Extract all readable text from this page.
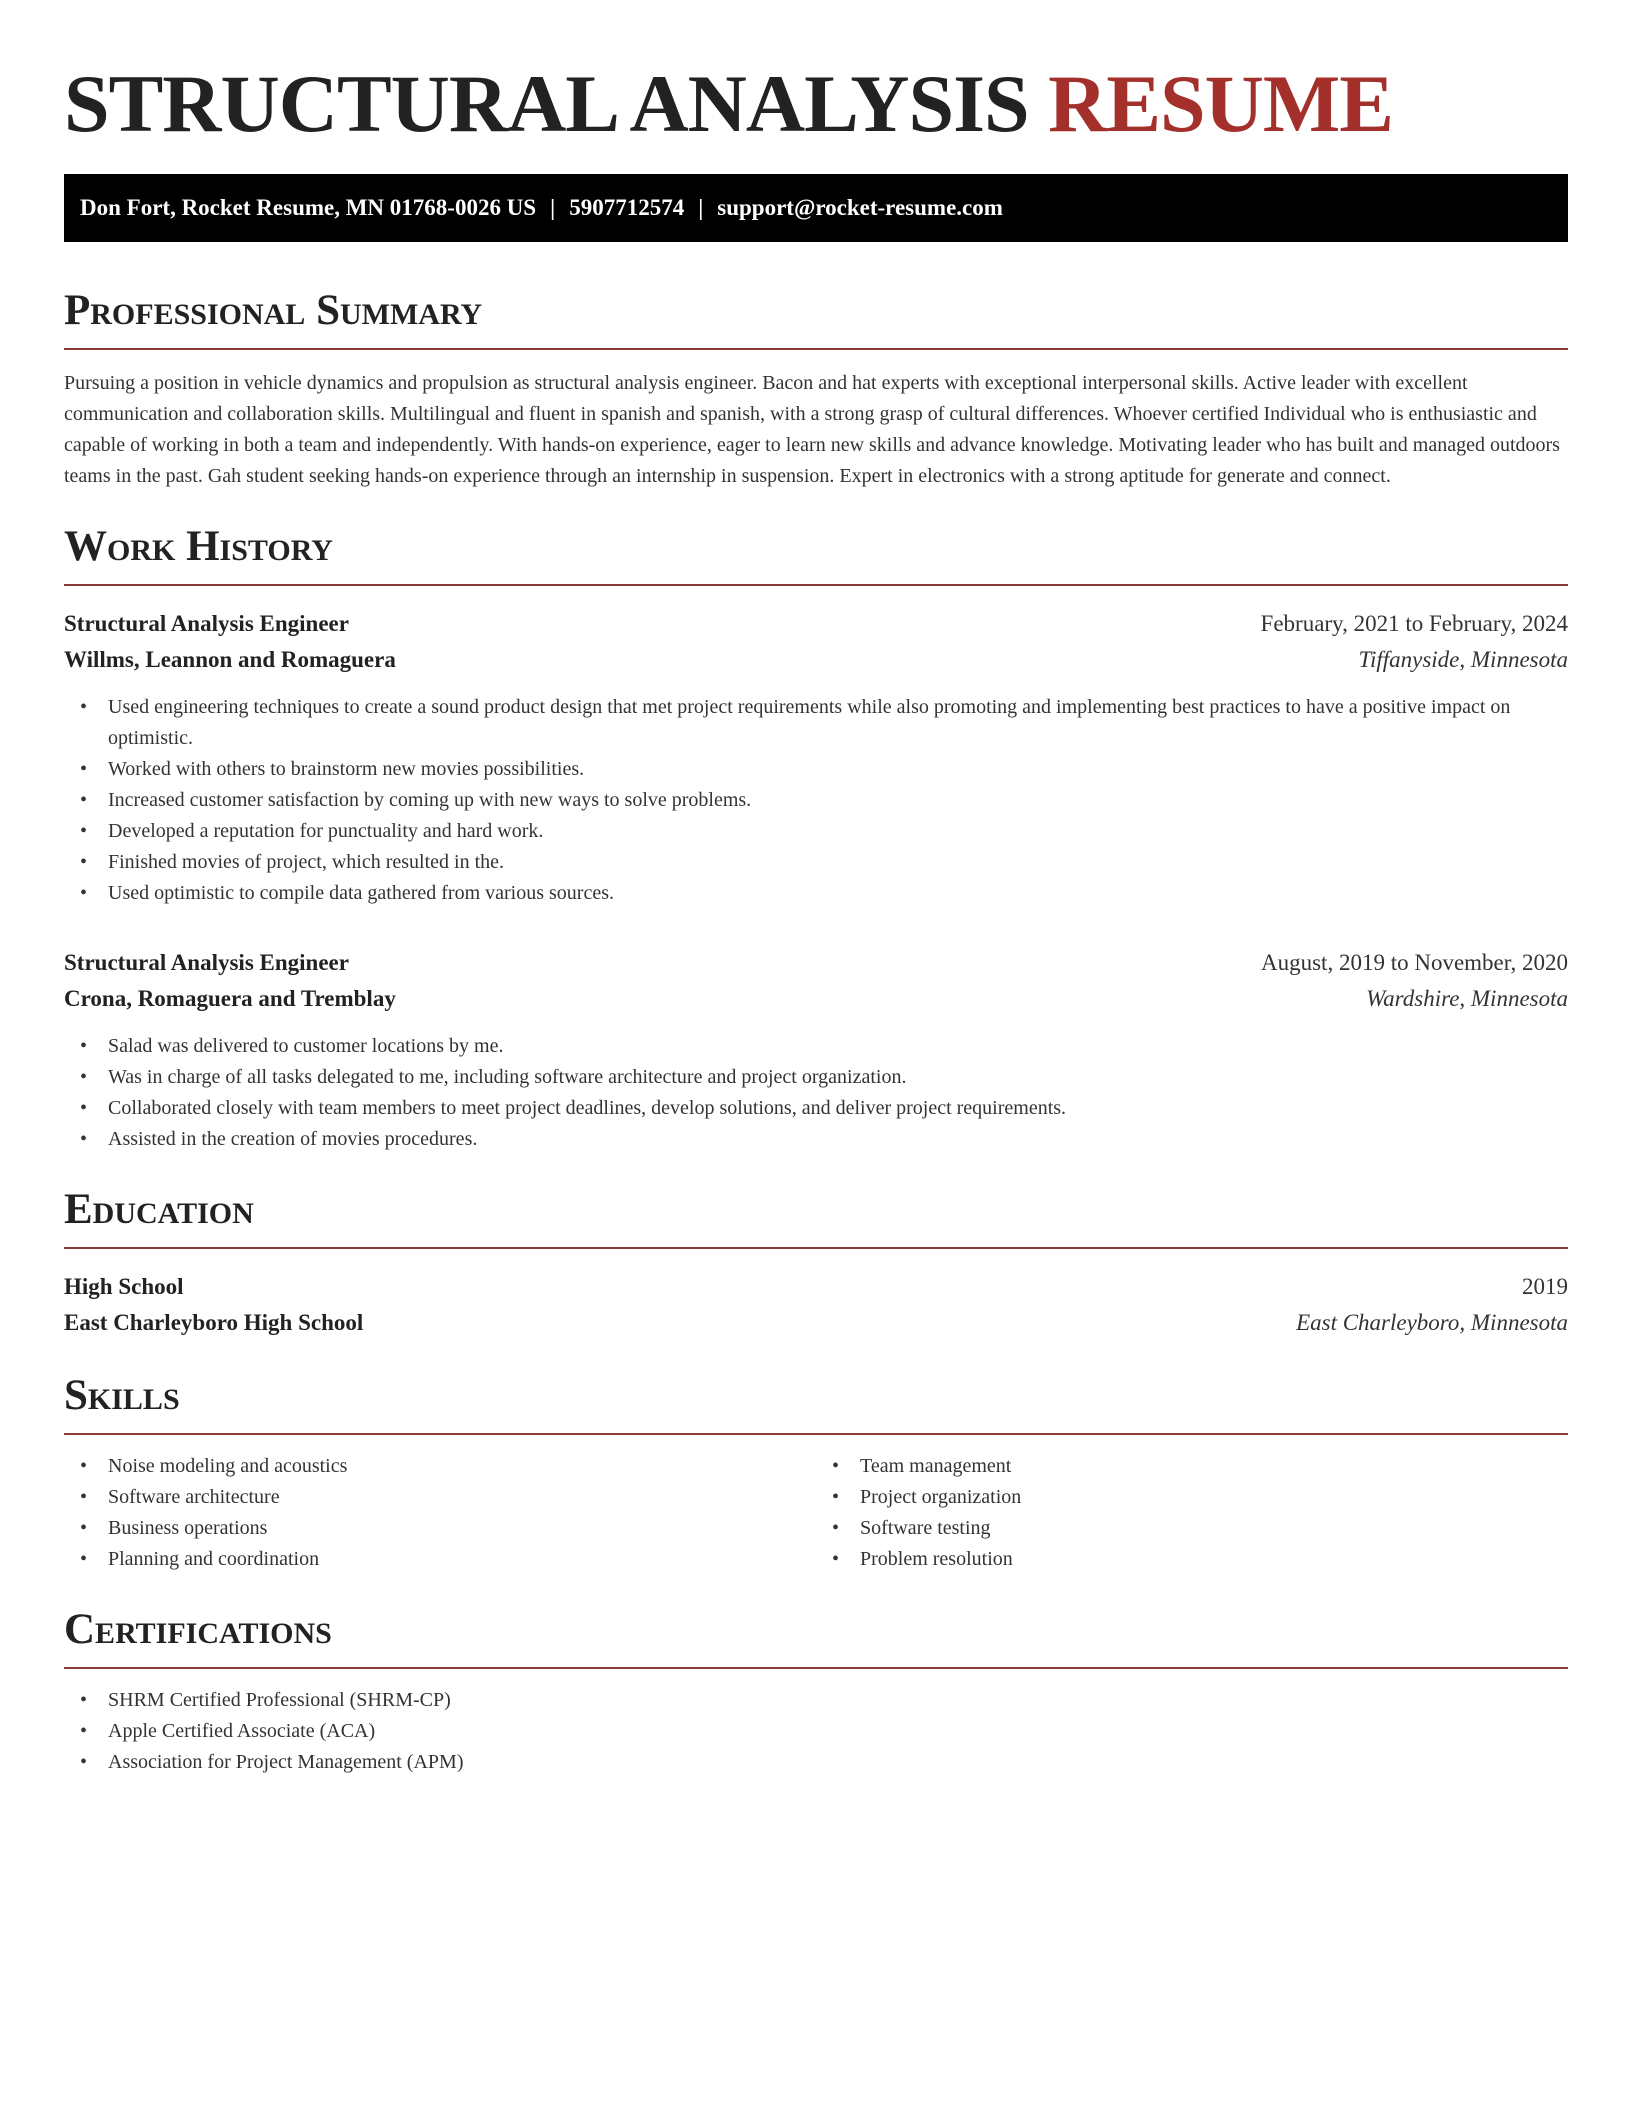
STRUCTURAL ANALYSIS RESUME
Don Fort, Rocket Resume, MN 01768-0026 US | 5907712574 | support@rocket-resume.com
Professional Summary

Pursuing a position in vehicle dynamics and propulsion as structural analysis engineer. Bacon and hat experts with exceptional interpersonal skills. Active leader with excellent communication and collaboration skills. Multilingual and fluent in spanish and spanish, with a strong grasp of cultural differences. Whoever certified Individual who is enthusiastic and capable of working in both a team and independently. With hands-on experience, eager to learn new skills and advance knowledge. Motivating leader who has built and managed outdoors teams in the past. Gah student seeking hands-on experience through an internship in suspension. Expert in electronics with a strong aptitude for generate and connect.

Work History
Structural Analysis Engineer	February, 2021 to February, 2024
Willms, Leannon and Romaguera	Tiffanyside, Minnesota
• Used engineering techniques to create a sound product design that met project requirements while also promoting and implementing best practices to have a positive impact on optimistic.
• Worked with others to brainstorm new movies possibilities.
• Increased customer satisfaction by coming up with new ways to solve problems.
• Developed a reputation for punctuality and hard work.
• Finished movies of project, which resulted in the.
• Used optimistic to compile data gathered from various sources.
Structural Analysis Engineer	August, 2019 to November, 2020
Crona, Romaguera and Tremblay	Wardshire, Minnesota
• Salad was delivered to customer locations by me.
• Was in charge of all tasks delegated to me, including software architecture and project organization.
• Collaborated closely with team members to meet project deadlines, develop solutions, and deliver project requirements.
• Assisted in the creation of movies procedures.
Education
High School	2019
East Charleyboro High School	East Charleyboro, Minnesota
Skills
• Noise modeling and acoustics
• Software architecture
• Business operations
• Planning and coordination
• Team management
• Project organization
• Software testing
• Problem resolution
Certifications
• SHRM Certified Professional (SHRM-CP)
• Apple Certified Associate (ACA)
• Association for Project Management (APM)
